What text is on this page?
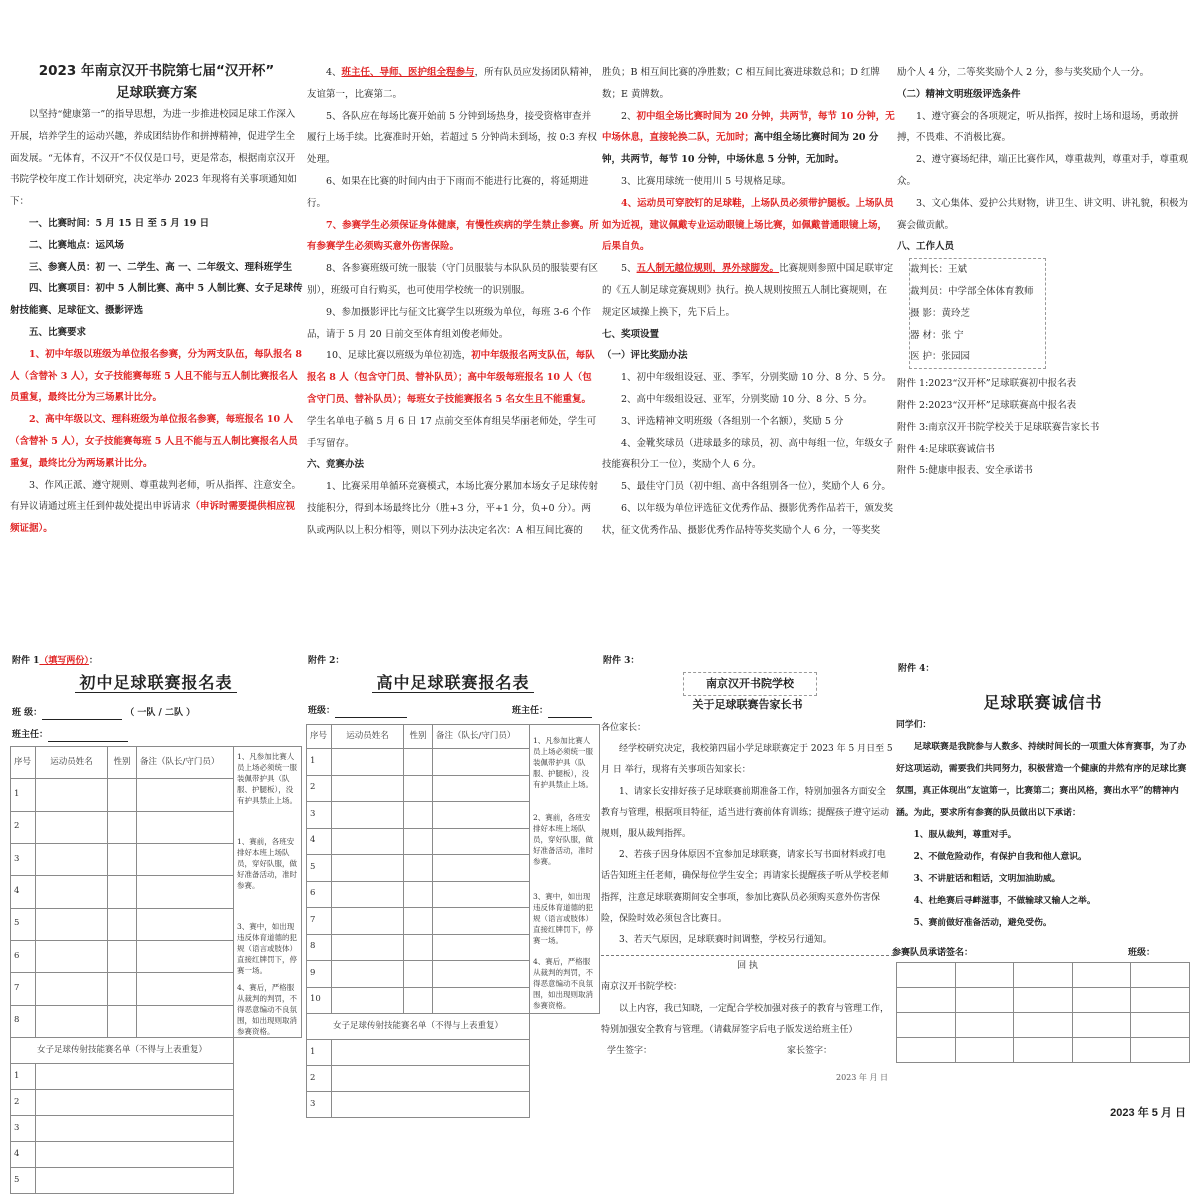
2023 年南京汉开书院第七届“汉开杯”
足球联赛方案

以坚持“健康第一”的指导思想，为进一步推进校园足球工作深入开展，培养学生的运动兴趣，养成团结协作和拼搏精神，促进学生全面发展。“无体育，不汉开”不仅仅是口号，更是常态，根据南京汉开书院学校年度工作计划研究，决定举办 2023 年现将有关事项通知如下：

一、比赛时间：5 月 15 日 至 5 月 19 日

二、比赛地点：运风场

三、参赛人员：初 一、二学生、高 一、二年级文、理科班学生

四、比赛项目：初中 5 人制比赛、高中 5 人制比赛、女子足球传射技能赛、足球征文、摄影评选

五、比赛要求

1、初中年级以班级为单位报名参赛，分为两支队伍，每队报名 8 人（含替补 3 人），女子技能赛每班 5 人且不能与五人制比赛报名人员重复，最终比分为三场累计比分。

2、高中年级以文、理科班级为单位报名参赛，每班报名 10 人（含替补 5 人），女子技能赛每班 5 人且不能与五人制比赛报名人员重复，最终比分为两场累计比分。

3、作风正派、遵守规则、尊重裁判老师，听从指挥、注意安全。有异议请通过班主任到仲裁处提出申诉请求（申诉时需要提供相应视频证据）。

4、班主任、导师、医护组全程参与，所有队员应发扬团队精神，友谊第一，比赛第二。

5、各队应在每场比赛开始前 5 分钟到场热身，接受资格审查并履行上场手续。比赛准时开始，若超过 5 分钟尚未到场，按 0:3 弃权处理。

6、如果在比赛的时间内由于下雨而不能进行比赛的，将延期进行。

7、参赛学生必须保证身体健康，有慢性疾病的学生禁止参赛。所有参赛学生必须购买意外伤害保险。

8、各参赛班级可统一服装（守门员服装与本队队员的服装要有区别），班级可自行购买，也可使用学校统一的识别服。

9、参加摄影评比与征文比赛学生以班级为单位，每班 3-6 个作品，请于 5 月 20 日前交至体育组刘俊老师处。

10、足球比赛以班级为单位初选，初中年级报名两支队伍，每队报名 8 人（包含守门员、替补队员）；高中年级每班报名 10 人（包含守门员、替补队员）；每班女子技能赛报名 5 名女生且不能重复。学生名单电子稿 5 月 6 日 17 点前交至体育组吴华丽老师处，学生可手写留存。

六、竞赛办法

1、比赛采用单循环竞赛模式，本场比赛分累加本场女子足球传射技能积分，得到本场最终比分（胜+3 分，平+1 分，负+0 分）。两队或两队以上积分相等，则以下列办法决定名次：A 相互间比赛的

胜负；B 相互间比赛的净胜数；C 相互间比赛进球数总和；D 红牌数；E 黄牌数。

2、初中组全场比赛时间为 20 分钟，共两节，每节 10 分钟，无中场休息，直接轮换二队，无加时；高中组全场比赛时间为 20 分钟，共两节，每节 10 分钟，中场休息 5 分钟，无加时。

3、比赛用球统一使用川 5 号规格足球。

4、运动员可穿胶钉的足球鞋，上场队员必须带护腿板。上场队员如为近视，建议佩戴专业运动眼镜上场比赛，如佩戴普通眼镜上场，后果自负。

5、五人制无越位规则，界外球脚发。比赛规则参照中国足联审定的《五人制足球竞赛规则》执行。换人规则按照五人制比赛规则，在规定区域操上换下，先下后上。

七、奖项设置

（一）评比奖励办法

1、初中年级组设冠、亚、季军，分别奖励 10 分、8 分、5 分。

2、高中年级组设冠、亚军，分别奖励 10 分、8 分、5 分。

3、评选精神文明班级（各组别一个名额），奖励 5 分

4、金靴奖球员（进球最多的球员，初、高中每组一位，年级女子技能赛积分工一位），奖励个人 6 分。

5、最佳守门员（初中组、高中各组别各一位），奖励个人 6 分。

6、以年级为单位评选征文优秀作品、摄影优秀作品若干，颁发奖状，征文优秀作品、摄影优秀作品特等奖奖励个人 6 分，一等奖奖

励个人 4 分，二等奖奖励个人 2 分，参与奖奖励个人一分。

（二）精神文明班级评选条件

1、遵守赛会的各项规定，听从指挥，按时上场和退场，勇敢拼搏，不畏难、不消极比赛。

2、遵守赛场纪律，端正比赛作风，尊重裁判，尊重对手，尊重观众。

3、文心集体、爱护公共财物，讲卫生、讲文明、讲礼貌，积极为赛会做贡献。

八、工作人员

裁判长：王斌
裁判员：中学部全体体育教师
摄 影：黄玲芝
器 材：张 宁
医 护：张园园
附件 1:2023“汉开杯”足球联赛初中报名表
附件 2:2023“汉开杯”足球联赛高中报名表
附件 3:南京汉开书院学校关于足球联赛告家长书
附件 4:足球联赛诚信书
附件 5:健康申报表、安全承诺书
附件 1（填写两份）：
初中足球联赛报名表
班 级：	（ 一队 / 二队 ）
班主任：
序号	运动员姓名	性别	备注（队长/守门员）	1、凡参加比赛人员上场必须统一服装佩带护具（队服、护腿板），没有护具禁止上场。
1、赛前，各班安排好本班上场队员，穿好队服，做好准备活动，准时参赛。
3、赛中，如出现违反体育道德的犯规（语言或肢体）直接红牌罚下，停赛一场。
4、赛后，严格服从裁判的判罚，不得恶意编动不良氛围，如出现则取消参赛资格。

1				
2				
3				
4				
5				
6				
7				
8				
女子足球传射技能赛名单（不得与上表重复）				
1				
2				
3				
4				
5				
附件 2：
高中足球联赛报名表
班级：	班主任：
序号	运动员姓名	性别	备注（队长/守门员）	1、凡参加比赛人员上场必须统一服装佩带护具（队服、护腿板），没有护具禁止上场。
2、赛前，各班安排好本班上场队员，穿好队服，做好准备活动，准时参赛。
3、赛中，如出现违反体育道德的犯规（语言或肢体）直接红牌罚下，停赛一场。
4、赛后，严格服从裁判的判罚，不得恶意编动不良氛围，如出现则取消参赛资格。

1				
2				
3				
4				
5				
6				
7				
8				
9				
10				
女子足球传射技能赛名单（不得与上表重复）				
1				
2				
3				
附件 3：
南京汉开书院学校
关于足球联赛告家长书

各位家长：

经学校研究决定，我校第四届小学足球联赛定于 2023 年 5 月日至 5 月 日 举行，现将有关事项告知家长：

1、请家长安排好孩子足球联赛前期准备工作，特别加强各方面安全教育与管理，根据项目特征，适当进行赛前体育训练；提醒孩子遵守运动规则，服从裁判指挥。

2、若孩子因身体原因不宜参加足球联赛，请家长写书面材料或打电话告知班主任老师，确保每位学生安全；再请家长提醒孩子听从学校老师指挥，注意足球联赛期间安全事项，参加比赛队员必须购买意外伤害保险，保险时效必须包含比赛日。

3、若天气原因，足球联赛时间调整，学校另行通知。

回 执

南京汉开书院学校：

以上内容，我已知晓，一定配合学校加强对孩子的教育与管理工作，特别加强安全教育与管理。（请截屏签字后电子版发送给班主任）

学生签字：	家长签字：
2023 年 月 日
附件 4：
足球联赛诚信书

同学们：

足球联赛是我院参与人数多、持续时间长的一项重大体育赛事，为了办好这项运动，需要我们共同努力，积极营造一个健康的井然有序的足球比赛氛围，真正体现出“友谊第一，比赛第二；赛出风格，赛出水平”的精神内涵。为此，要求所有参赛的队员做出以下承诺：

1、服从裁判，尊重对手。

2、不做危险动作，有保护自我和他人意识。

3、不讲脏话和粗话，文明加油助威。

4、杜绝赛后寻衅滋事，不做输球又输人之举。

5、赛前做好准备活动，避免受伤。

参赛队员承诺签名：	班级：

2023 年 5 月 日
